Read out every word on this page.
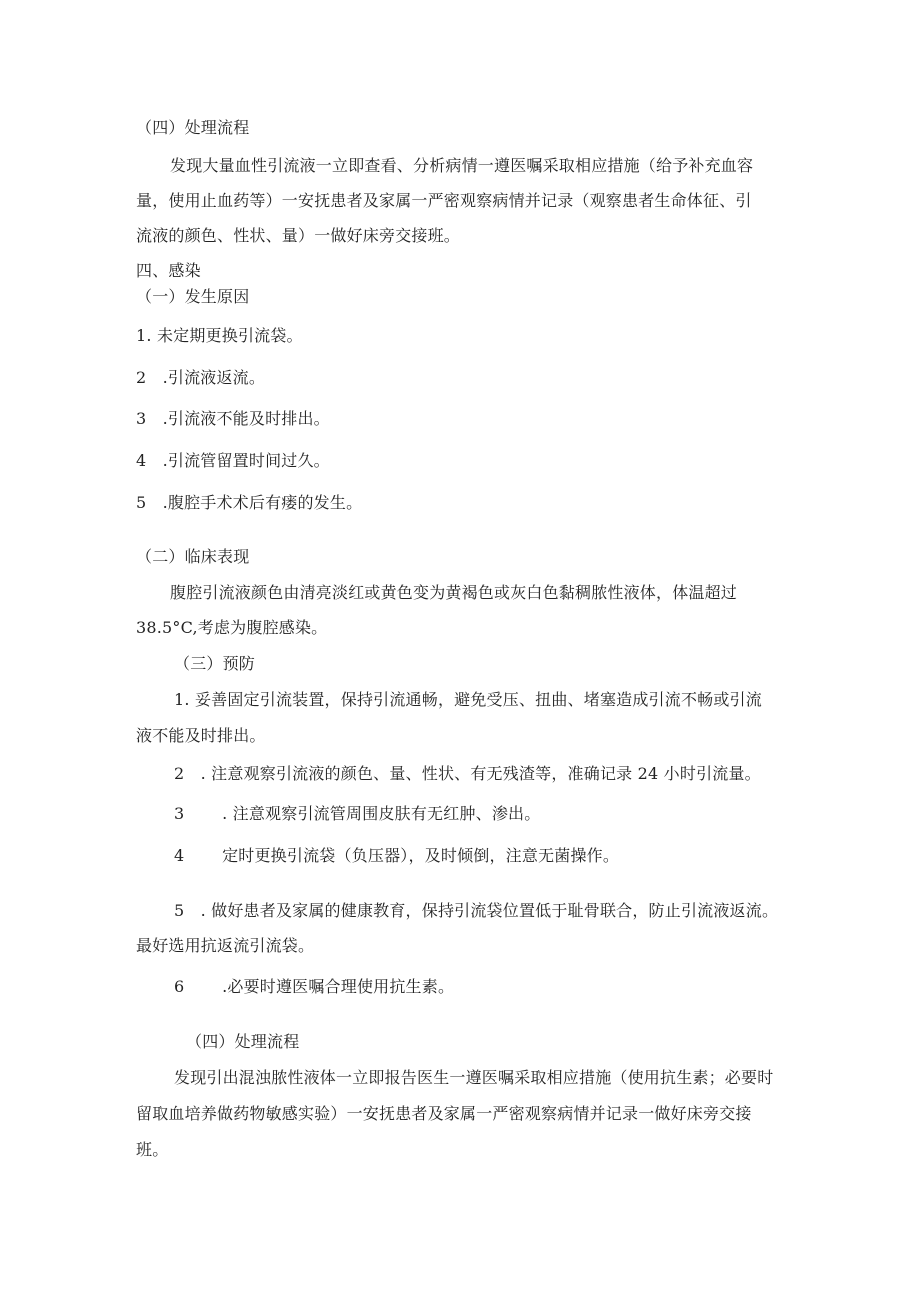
（四）处理流程
发现大量血性引流液一立即查看、分析病情一遵医嘱采取相应措施（给予补充血容
量，使用止血药等）一安抚患者及家属一严密观察病情并记录（观察患者生命体征、引
流液的颜色、性状、量）一做好床旁交接班。
四、感染
（一）发生原因
1. 未定期更换引流袋。
2　.引流液返流。
3　.引流液不能及时排出。
4　.引流管留置时间过久。
5　.腹腔手术术后有瘘的发生。
（二）临床表现
腹腔引流液颜色由清亮淡红或黄色变为黄褐色或灰白色黏稠脓性液体，体温超过
38.5°C,考虑为腹腔感染。
（三）预防
1. 妥善固定引流装置，保持引流通畅，避免受压、扭曲、堵塞造成引流不畅或引流
液不能及时排出。
2　. 注意观察引流液的颜色、量、性状、有无残渣等，准确记录 24 小时引流量。
3　　 . 注意观察引流管周围皮肤有无红肿、渗出。
4　　 定时更换引流袋（负压器），及时倾倒，注意无菌操作。
5　. 做好患者及家属的健康教育，保持引流袋位置低于耻骨联合，防止引流液返流。
最好选用抗返流引流袋。
6　　 .必要时遵医嘱合理使用抗生素。
（四）处理流程
发现引出混浊脓性液体一立即报告医生一遵医嘱采取相应措施（使用抗生素；必要时
留取血培养做药物敏感实验）一安抚患者及家属一严密观察病情并记录一做好床旁交接
班。
